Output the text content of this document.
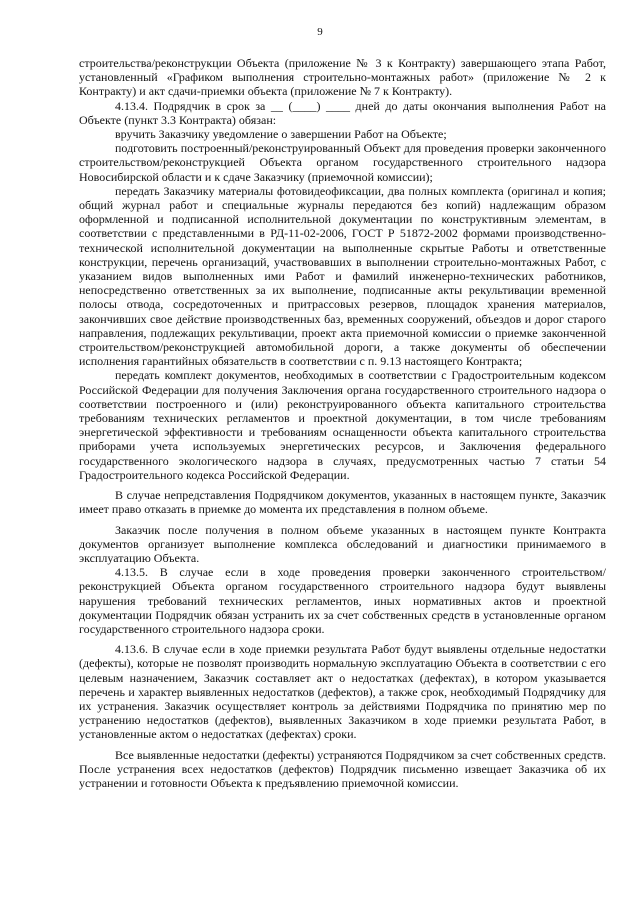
9

строительства/реконструкции Объекта (приложение № 3 к Контракту) завершающего этапа Работ, установленный «Графиком выполнения строительно-монтажных работ» (приложение № 2 к Контракту) и акт сдачи-приемки объекта (приложение № 7 к Контракту).

4.13.4. Подрядчик в срок за __ (____) ____ дней до даты окончания выполнения Работ на Объекте (пункт 3.3 Контракта) обязан:

вручить Заказчику уведомление о завершении Работ на Объекте;

подготовить построенный/реконструированный Объект для проведения проверки законченного строительством/реконструкцией Объекта органом государственного строительного надзора Новосибирской области и к сдаче Заказчику (приемочной комиссии);

передать Заказчику материалы фотовидеофиксации, два полных комплекта (оригинал и копия; общий журнал работ и специальные журналы передаются без копий) надлежащим образом оформленной и подписанной исполнительной документации по конструктивным элементам, в соответствии с представленными в РД-11-02-2006, ГОСТ Р 51872-2002 формами производственно-технической исполнительной документации на выполненные скрытые Работы и ответственные конструкции, перечень организаций, участвовавших в выполнении строительно-монтажных Работ, с указанием видов выполненных ими Работ и фамилий инженерно-технических работников, непосредственно ответственных за их выполнение, подписанные акты рекультивации временной полосы отвода, сосредоточенных и притрассовых резервов, площадок хранения материалов, закончивших свое действие производственных баз, временных сооружений, объездов и дорог старого направления, подлежащих рекультивации, проект акта приемочной комиссии о приемке законченной строительством/реконструкцией автомобильной дороги, а также документы об обеспечении исполнения гарантийных обязательств в соответствии с п. 9.13 настоящего Контракта;

передать комплект документов, необходимых в соответствии с Градостроительным кодексом Российской Федерации для получения Заключения органа государственного строительного надзора о соответствии построенного и (или) реконструированного объекта капитального строительства требованиям технических регламентов и проектной документации, в том числе требованиям энергетической эффективности и требованиям оснащенности объекта капитального строительства приборами учета используемых энергетических ресурсов, и Заключения федерального государственного экологического надзора в случаях, предусмотренных частью 7 статьи 54 Градостроительного кодекса Российской Федерации.

В случае непредставления Подрядчиком документов, указанных в настоящем пункте, Заказчик имеет право отказать в приемке до момента их представления в полном объеме.

Заказчик после получения в полном объеме указанных в настоящем пункте Контракта документов организует выполнение комплекса обследований и диагностики принимаемого в эксплуатацию Объекта.

4.13.5. В случае если в ходе проведения проверки законченного строительством/реконструкцией Объекта органом государственного строительного надзора будут выявлены нарушения требований технических регламентов, иных нормативных актов и проектной документации Подрядчик обязан устранить их за счет собственных средств в установленные органом государственного строительного надзора сроки.

4.13.6. В случае если в ходе приемки результата Работ будут выявлены отдельные недостатки (дефекты), которые не позволят производить нормальную эксплуатацию Объекта в соответствии с его целевым назначением, Заказчик составляет акт о недостатках (дефектах), в котором указывается перечень и характер выявленных недостатков (дефектов), а также срок, необходимый Подрядчику для их устранения. Заказчик осуществляет контроль за действиями Подрядчика по принятию мер по устранению недостатков (дефектов), выявленных Заказчиком в ходе приемки результата Работ, в установленные актом о недостатках (дефектах) сроки.

Все выявленные недостатки (дефекты) устраняются Подрядчиком за счет собственных средств. После устранения всех недостатков (дефектов) Подрядчик письменно извещает Заказчика об их устранении и готовности Объекта к предъявлению приемочной комиссии.
